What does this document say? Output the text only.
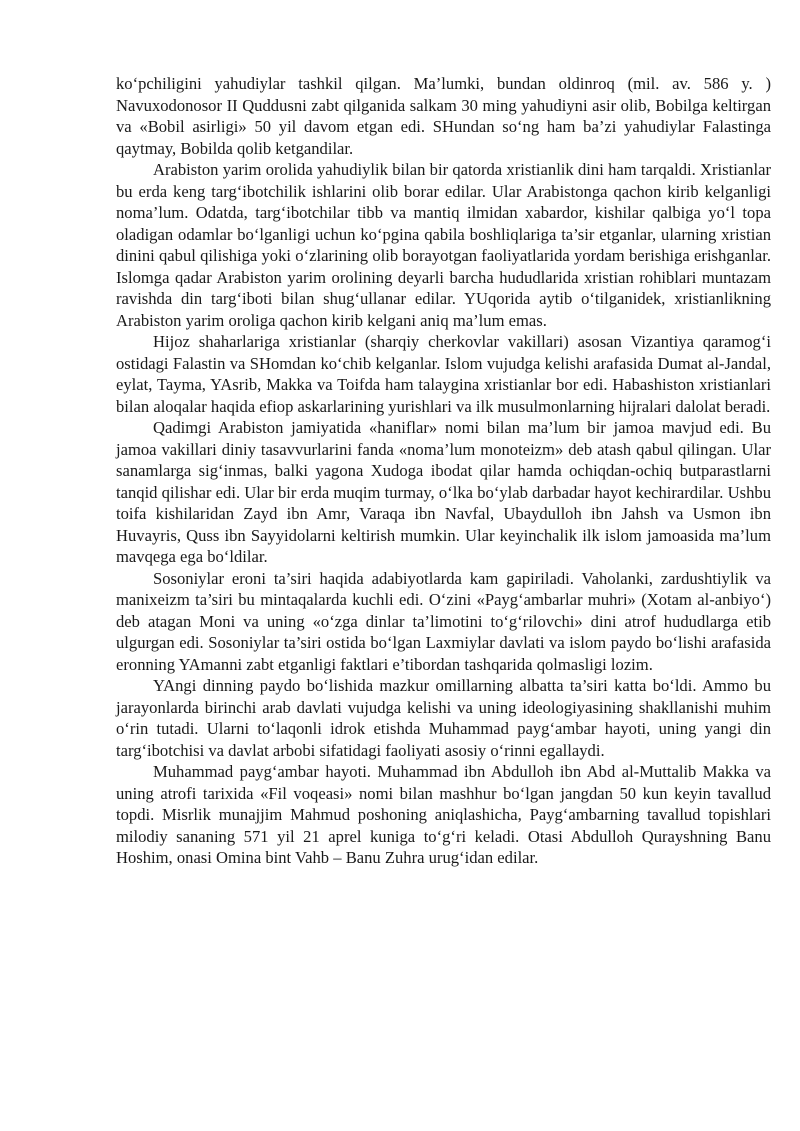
ko‘pchiligini yahudiylar tashkil qilgan. Ma’lumki, bundan oldinroq (mil. av. 586 y. ) Navuxodonosor II Quddusni zabt qilganida salkam 30 ming yahudiyni asir olib, Bobilga keltirgan va «Bobil asirligi» 50 yil davom etgan edi. SHundan so‘ng ham ba’zi yahudiylar Falastinga qaytmay, Bobilda qolib ketgandilar.

Arabiston yarim orolida yahudiylik bilan bir qatorda xristianlik dini ham tarqaldi. Xristianlar bu erda keng targ‘ibotchilik ishlarini olib borar edilar. Ular Arabistonga qachon kirib kelganligi noma’lum. Odatda, targ‘ibotchilar tibb va mantiq ilmidan xabardor, kishilar qalbiga yo‘l topa oladigan odamlar bo‘lganligi uchun ko‘pgina qabila boshliqlariga ta’sir etganlar, ularning xristian dinini qabul qilishiga yoki o‘zlarining olib borayotgan faoliyatlarida yordam berishiga erishganlar. Islomga qadar Arabiston yarim orolining deyarli barcha hududlarida xristian rohiblari muntazam ravishda din targ‘iboti bilan shug‘ullanar edilar. YUqorida aytib o‘tilganidek, xristianlikning Arabiston yarim oroliga qachon kirib kelgani aniq ma’lum emas.

Hijoz shaharlariga xristianlar (sharqiy cherkovlar vakillari) asosan Vizantiya qaramog‘i ostidagi Falastin va SHomdan ko‘chib kelganlar. Islom vujudga kelishi arafasida Dumat al-Jandal, eylat, Tayma, YAsrib, Makka va Toifda ham talaygina xristianlar bor edi. Habashiston xristianlari bilan aloqalar haqida efiop askarlarining yurishlari va ilk musulmonlarning hijralari dalolat beradi.

Qadimgi Arabiston jamiyatida «haniflar» nomi bilan ma’lum bir jamoa mavjud edi. Bu jamoa vakillari diniy tasavvurlarini fanda «noma’lum monoteizm» deb atash qabul qilingan. Ular sanamlarga sig‘inmas, balki yagona Xudoga ibodat qilar hamda ochiqdan-ochiq butparastlarni tanqid qilishar edi. Ular bir erda muqim turmay, o‘lka bo‘ylab darbadar hayot kechirardilar. Ushbu toifa kishilaridan Zayd ibn Amr, Varaqa ibn Navfal, Ubaydulloh ibn Jahsh va Usmon ibn Huvayris, Quss ibn Sayyidolarni keltirish mumkin. Ular keyinchalik ilk islom jamoasida ma’lum mavqega ega bo‘ldilar.

Sosoniylar eroni ta’siri haqida adabiyotlarda kam gapiriladi. Vaholanki, zardushtiylik va manixeizm ta’siri bu mintaqalarda kuchli edi. O‘zini «Payg‘ambarlar muhri» (Xotam al-anbiyo‘) deb atagan Moni va uning «o‘zga dinlar ta’limotini to‘g‘rilovchi» dini atrof hududlarga etib ulgurgan edi. Sosoniylar ta’siri ostida bo‘lgan Laxmiylar davlati va islom paydo bo‘lishi arafasida eronning YAmanni zabt etganligi faktlari e’tibordan tashqarida qolmasligi lozim.

YAngi dinning paydo bo‘lishida mazkur omillarning albatta ta’siri katta bo‘ldi. Ammo bu jarayonlarda birinchi arab davlati vujudga kelishi va uning ideologiyasining shakllanishi muhim o‘rin tutadi. Ularni to‘laqonli idrok etishda Muhammad payg‘ambar hayoti, uning yangi din targ‘ibotchisi va davlat arbobi sifatidagi faoliyati asosiy o‘rinni egallaydi.

Muhammad payg‘ambar hayoti. Muhammad ibn Abdulloh ibn Abd al-Muttalib Makka va uning atrofi tarixida «Fil voqeasi» nomi bilan mashhur bo‘lgan jangdan 50 kun keyin tavallud topdi. Misrlik munajjim Mahmud poshoning aniqlashicha, Payg‘ambarning tavallud topishlari milodiy sananing 571 yil 21 aprel kuniga to‘g‘ri keladi. Otasi Abdulloh Qurayshning Banu Hoshim, onasi Omina bint Vahb – Banu Zuhra urug‘idan edilar.
